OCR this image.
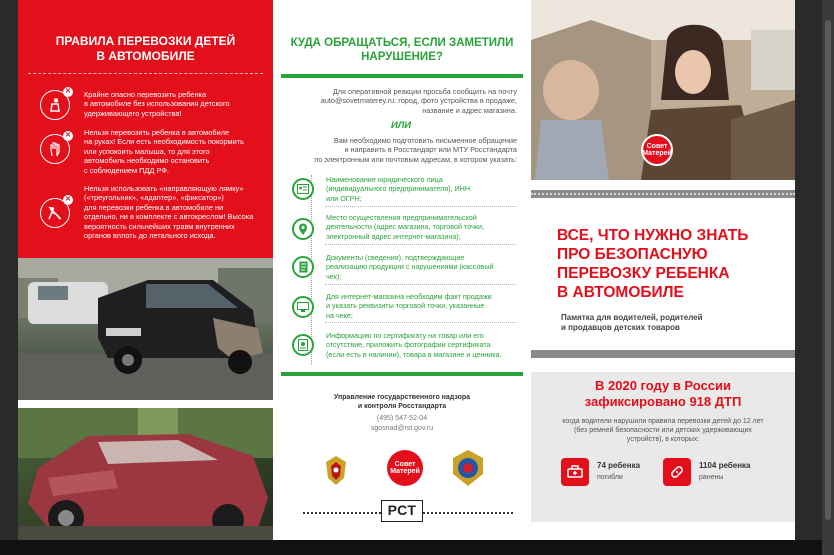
ПРАВИЛА ПЕРЕВОЗКИ ДЕТЕЙ
В АВТОМОБИЛЕ
✕ Крайне опасно перевозить ребенка
в автомобиле без использования детского
удерживающего устройства!
✕ Нельзя перевозить ребенка в автомобиле
на руках! Если есть необходимость покормить
или успокоить малыша, то для этого
автомобиль необходимо остановить
с соблюдением ПДД РФ.
✕
Нельзя использовать «направляющую лямку»
(«треугольник», «адаптер», «фиксатор»)
для перевозки ребенка в автомобиле ни
отдельно, ни в комплекте с автокреслом! Высока
вероятность сильнейших травм внутренних
органов вплоть до летального исхода.
КУДА ОБРАЩАТЬСЯ, ЕСЛИ ЗАМЕТИЛИ
НАРУШЕНИЕ?
Для оперативной реакции просьба сообщить на почту
auto@sovetmaterey.ru: город, фото устройства в продаже,
название и адрес магазина.
ИЛИ
Вам необходимо подготовить письменное обращение
и направить в Росстандарт или МТУ Росстандарта
по электронным или почтовым адресам, в котором указать:
Наименование юридического лица
(индивидуального предпринимателя), ИНН
или ОГРН;
Место осуществления предпринимательской
деятельности (адрес магазина, торговой точки,
электронный адрес интернет-магазина);
Документы (сведения), подтверждающие
реализацию продукции с нарушениями (кассовый
чек);
Для интернет-магазина необходим факт продажи
и указать реквизиты торговой точки, указанные
на чеке;
Информацию по сертификату на товар или его
отсутствие, приложить фотографии сертификата
(если есть в наличии), товара в магазине и ценника.
Управление государственного надзора
и контроля Росстандарта
(495) 547-52-04
sgosnad@rst.gov.ru
Совет
Матерей
РСТ
Совет
Матерей
ВСЕ, ЧТО НУЖНО ЗНАТЬ
ПРО БЕЗОПАСНУЮ
ПЕРЕВОЗКУ РЕБЕНКА
В АВТОМОБИЛЕ
Памятка для водителей, родителей
и продавцов детских товаров
В 2020 году в России
зафиксировано 918 ДТП
когда водители нарушили правила перевозки детей до 12 лет
(без ремней безопасности или детских удерживающих
устройств), в которых:
74 ребенка
погибли
1104 ребенка
ранены
